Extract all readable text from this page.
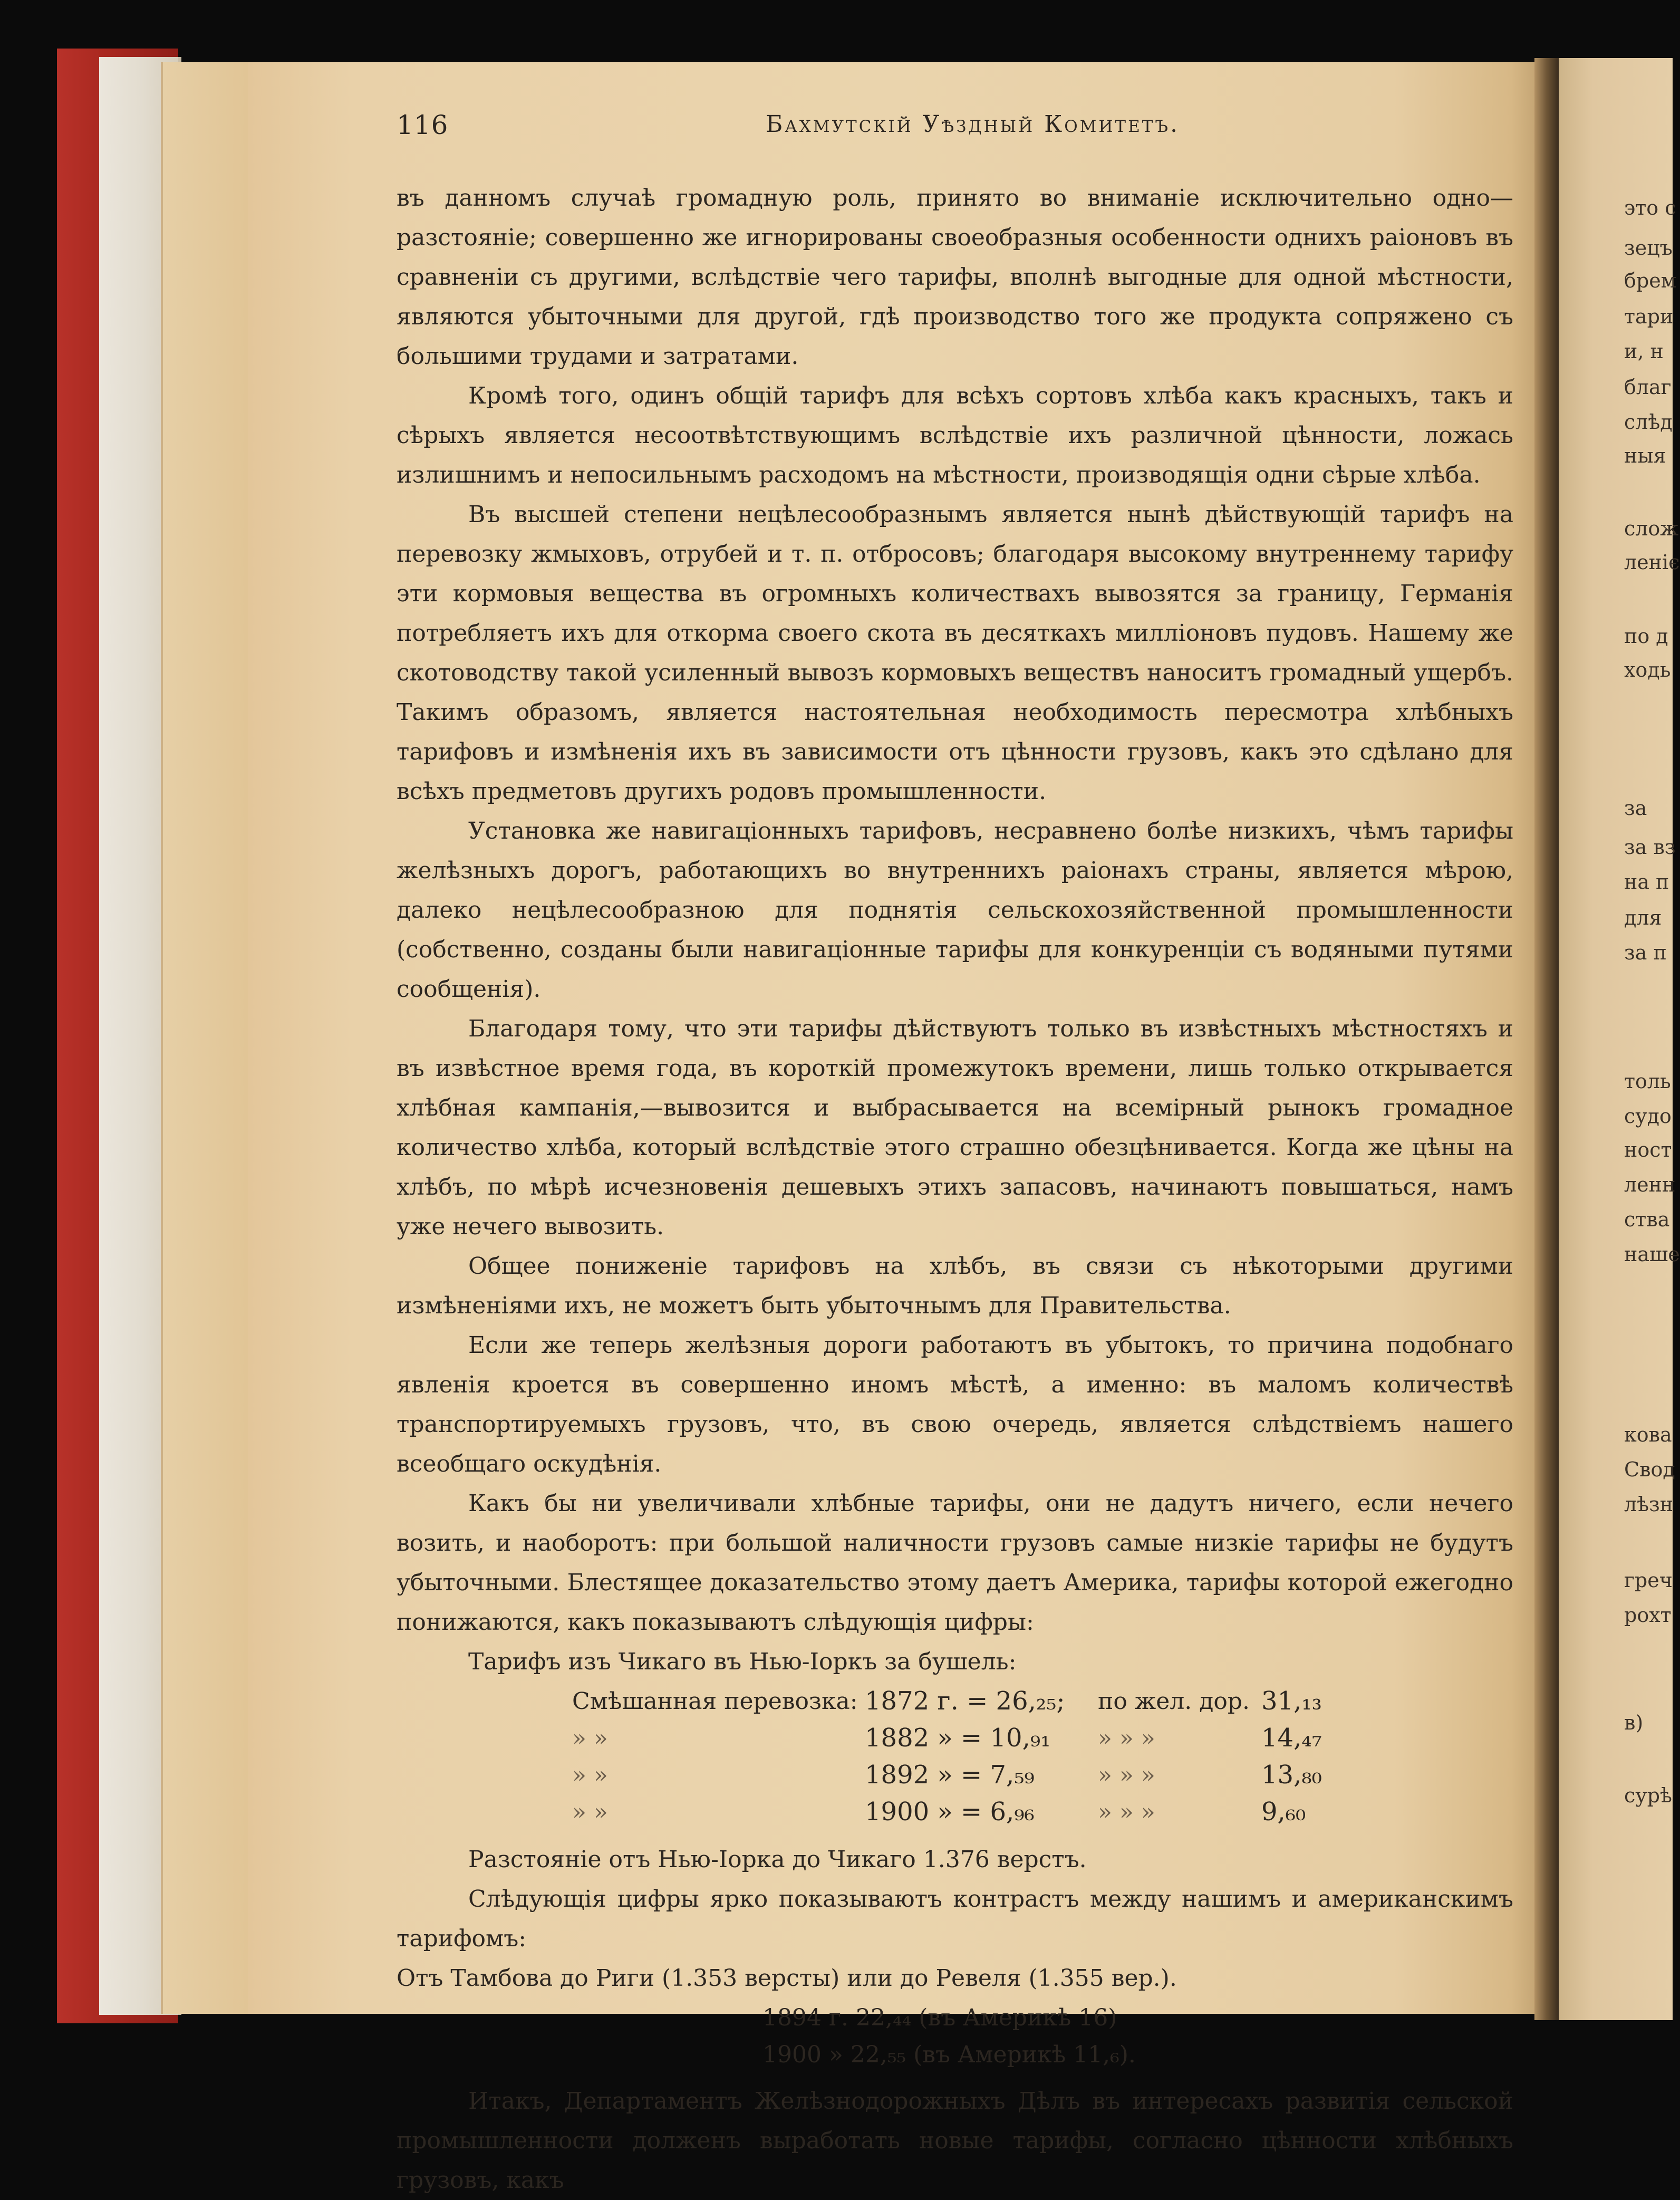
116	Бахмутскій Уѣздный Комитетъ.

въ данномъ случаѣ громадную роль, принято во вниманіе исключительно одно—разстояніе; совершенно же игнорированы своеобразныя особенности однихъ раіоновъ въ сравненіи съ другими, вслѣдствіе чего тарифы, вполнѣ выгодные для одной мѣстности, являются убыточными для другой, гдѣ производство того же продукта сопряжено съ большими трудами и затратами.

Кромѣ того, одинъ общій тарифъ для всѣхъ сортовъ хлѣба какъ красныхъ, такъ и сѣрыхъ является несоотвѣтствующимъ вслѣдствіе ихъ различной цѣнности, ложась излишнимъ и непосильнымъ расходомъ на мѣстности, производящія одни сѣрые хлѣба.

Въ высшей степени нецѣлесообразнымъ является нынѣ дѣйствующій тарифъ на перевозку жмыховъ, отрубей и т. п. отбросовъ; благодаря высокому внутреннему тарифу эти кормовыя вещества въ огромныхъ количествахъ вывозятся за границу, Германія потребляетъ ихъ для откорма своего скота въ десяткахъ милліоновъ пудовъ. Нашему же скотоводству такой усиленный вывозъ кормовыхъ веществъ наноситъ громадный ущербъ. Такимъ образомъ, является настоятельная необходимость пересмотра хлѣбныхъ тарифовъ и измѣненія ихъ въ зависимости отъ цѣнности грузовъ, какъ это сдѣлано для всѣхъ предметовъ другихъ родовъ промышленности.

Установка же навигаціонныхъ тарифовъ, несравнено болѣе низкихъ, чѣмъ тарифы желѣзныхъ дорогъ, работающихъ во внутреннихъ раіонахъ страны, является мѣрою, далеко нецѣлесообразною для поднятія сельскохозяйственной промышленности (собственно, созданы были навигаціонные тарифы для конкуренціи съ водяными путями сообщенія).

Благодаря тому, что эти тарифы дѣйствуютъ только въ извѣстныхъ мѣстностяхъ и въ извѣстное время года, въ короткій промежутокъ времени, лишь только открывается хлѣбная кампанія,—вывозится и выбрасывается на всемірный рынокъ громадное количество хлѣба, который вслѣдствіе этого страшно обезцѣнивается. Когда же цѣны на хлѣбъ, по мѣрѣ исчезновенія дешевыхъ этихъ запасовъ, начинаютъ повышаться, намъ уже нечего вывозить.

Общее пониженіе тарифовъ на хлѣбъ, въ связи съ нѣкоторыми другими измѣненіями ихъ, не можетъ быть убыточнымъ для Правительства.

Если же теперь желѣзныя дороги работаютъ въ убытокъ, то причина подобнаго явленія кроется въ совершенно иномъ мѣстѣ, а именно: въ маломъ количествѣ транспортируемыхъ грузовъ, что, въ свою очередь, является слѣдствіемъ нашего всеобщаго оскудѣнія.

Какъ бы ни увеличивали хлѣбные тарифы, они не дадутъ ничего, если нечего возить, и наоборотъ: при большой наличности грузовъ самые низкіе тарифы не будутъ убыточными. Блестящее доказательство этому даетъ Америка, тарифы которой ежегодно понижаются, какъ показываютъ слѣдующія цифры:

Тарифъ изъ Чикаго въ Нью-Іоркъ за бушель:

Смѣшанная перевозка: 1872 г. = 26,₂₅; по жел. дор. 31,₁₃
» »	1882 » = 10,₉₁ » » »	14,₄₇
» »	1892 » = 7,₅₉	» » »	13,₈₀
» »	1900 » = 6,₉₆	» » »	9,₆₀

Разстояніе отъ Нью-Іорка до Чикаго 1.376 верстъ.

Слѣдующія цифры ярко показываютъ контрастъ между нашимъ и американскимъ тарифомъ:

Отъ Тамбова до Риги (1.353 версты) или до Ревеля (1.355 вер.).

1894 г. 22,₄₄ (въ Америкѣ 16)
1900 » 22,₅₅ (въ Америкѣ 11,₆).

Итакъ, Департаментъ Желѣзнодорожныхъ Дѣлъ въ интересахъ развитія сельской промышленности долженъ выработать новые тарифы, согласно цѣнности хлѣбныхъ грузовъ, какъ

это с
зецъ
брем
тари
и, н
благ
слѣд
ныя
слож
леніє
по д
ходь
за
за вз
на п
для
за п
толь
судо
ност
ленн
ства
наше
кова
Свод
лѣзн
греч
рохт
в)
сурѣ
